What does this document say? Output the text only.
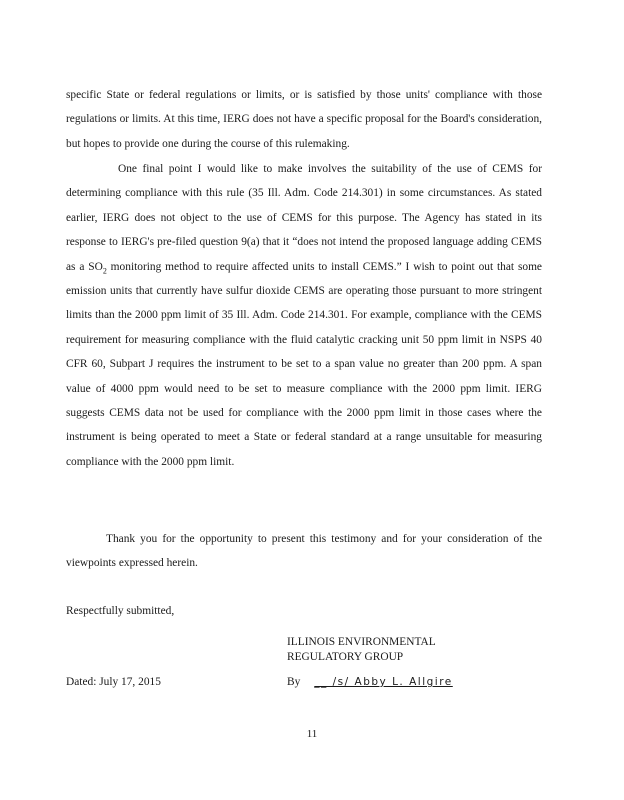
specific State or federal regulations or limits, or is satisfied by those units' compliance with those regulations or limits. At this time, IERG does not have a specific proposal for the Board's consideration, but hopes to provide one during the course of this rulemaking.

One final point I would like to make involves the suitability of the use of CEMS for determining compliance with this rule (35 Ill. Adm. Code 214.301) in some circumstances. As stated earlier, IERG does not object to the use of CEMS for this purpose. The Agency has stated in its response to IERG's pre-filed question 9(a) that it “does not intend the proposed language adding CEMS as a $SO_2$ monitoring method to require affected units to install CEMS.” I wish to point out that some emission units that currently have sulfur dioxide CEMS are operating those pursuant to more stringent limits than the 2000 ppm limit of 35 Ill. Adm. Code 214.301. For example, compliance with the CEMS requirement for measuring compliance with the fluid catalytic cracking unit 50 ppm limit in NSPS 40 CFR 60, Subpart J requires the instrument to be set to a span value no greater than 200 ppm. A span value of 4000 ppm would need to be set to measure compliance with the 2000 ppm limit. IERG suggests CEMS data not be used for compliance with the 2000 ppm limit in those cases where the instrument is being operated to meet a State or federal standard at a range unsuitable for measuring compliance with the 2000 ppm limit.

Thank you for the opportunity to present this testimony and for your consideration of the viewpoints expressed herein.

Respectfully submitted,

ILLINOIS ENVIRONMENTAL
REGULATORY GROUP

Dated: July 17, 2015	By __ /s/ Abby L. Allgire

11
